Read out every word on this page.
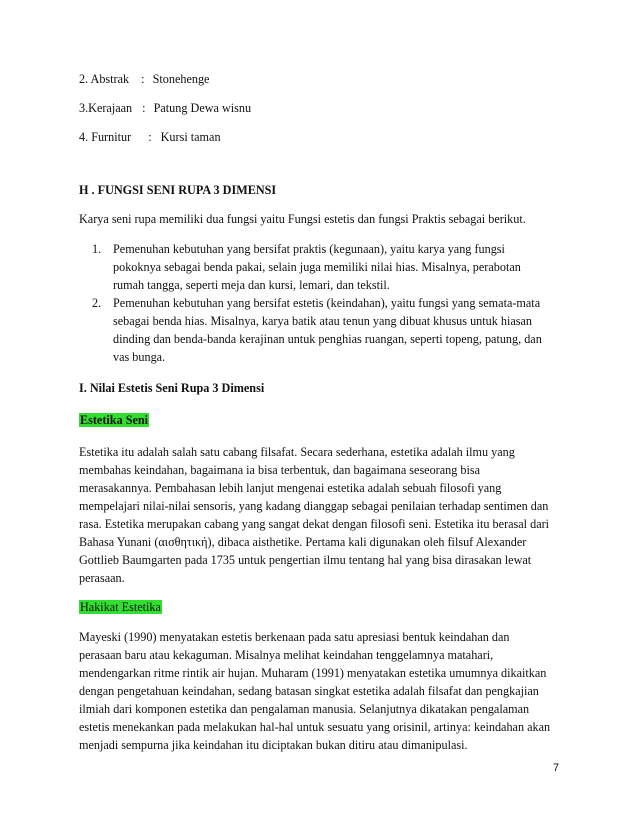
2. Abstrak : Stonehenge
3.Kerajaan : Patung Dewa wisnu
4. Furnitur : Kursi taman
H . FUNGSI SENI RUPA 3 DIMENSI
Karya seni rupa memiliki dua fungsi yaitu Fungsi estetis dan fungsi Praktis sebagai berikut.
1. Pemenuhan kebutuhan yang bersifat praktis (kegunaan), yaitu karya yang fungsi
pokoknya sebagai benda pakai, selain juga memiliki nilai hias. Misalnya, perabotan
rumah tangga, seperti meja dan kursi, lemari, dan tekstil.
2. Pemenuhan kebutuhan yang bersifat estetis (keindahan), yaitu fungsi yang semata-mata
sebagai benda hias. Misalnya, karya batik atau tenun yang dibuat khusus untuk hiasan
dinding dan benda-banda kerajinan untuk penghias ruangan, seperti topeng, patung, dan
vas bunga.
I. Nilai Estetis Seni Rupa 3 Dimensi
Estetika Seni
Estetika itu adalah salah satu cabang filsafat. Secara sederhana, estetika adalah ilmu yang
membahas keindahan, bagaimana ia bisa terbentuk, dan bagaimana seseorang bisa
merasakannya. Pembahasan lebih lanjut mengenai estetika adalah sebuah filosofi yang
mempelajari nilai-nilai sensoris, yang kadang dianggap sebagai penilaian terhadap sentimen dan
rasa. Estetika merupakan cabang yang sangat dekat dengan filosofi seni. Estetika itu berasal dari
Bahasa Yunani (αισθητική), dibaca aisthetike. Pertama kali digunakan oleh filsuf Alexander
Gottlieb Baumgarten pada 1735 untuk pengertian ilmu tentang hal yang bisa dirasakan lewat
perasaan.
Hakikat Estetika
Mayeski (1990) menyatakan estetis berkenaan pada satu apresiasi bentuk keindahan dan
perasaan baru atau kekaguman. Misalnya melihat keindahan tenggelamnya matahari,
mendengarkan ritme rintik air hujan. Muharam (1991) menyatakan estetika umumnya dikaitkan
dengan pengetahuan keindahan, sedang batasan singkat estetika adalah filsafat dan pengkajian
ilmiah dari komponen estetika dan pengalaman manusia. Selanjutnya dikatakan pengalaman
estetis menekankan pada melakukan hal-hal untuk sesuatu yang orisinil, artinya: keindahan akan
menjadi sempurna jika keindahan itu diciptakan bukan ditiru atau dimanipulasi.
7
